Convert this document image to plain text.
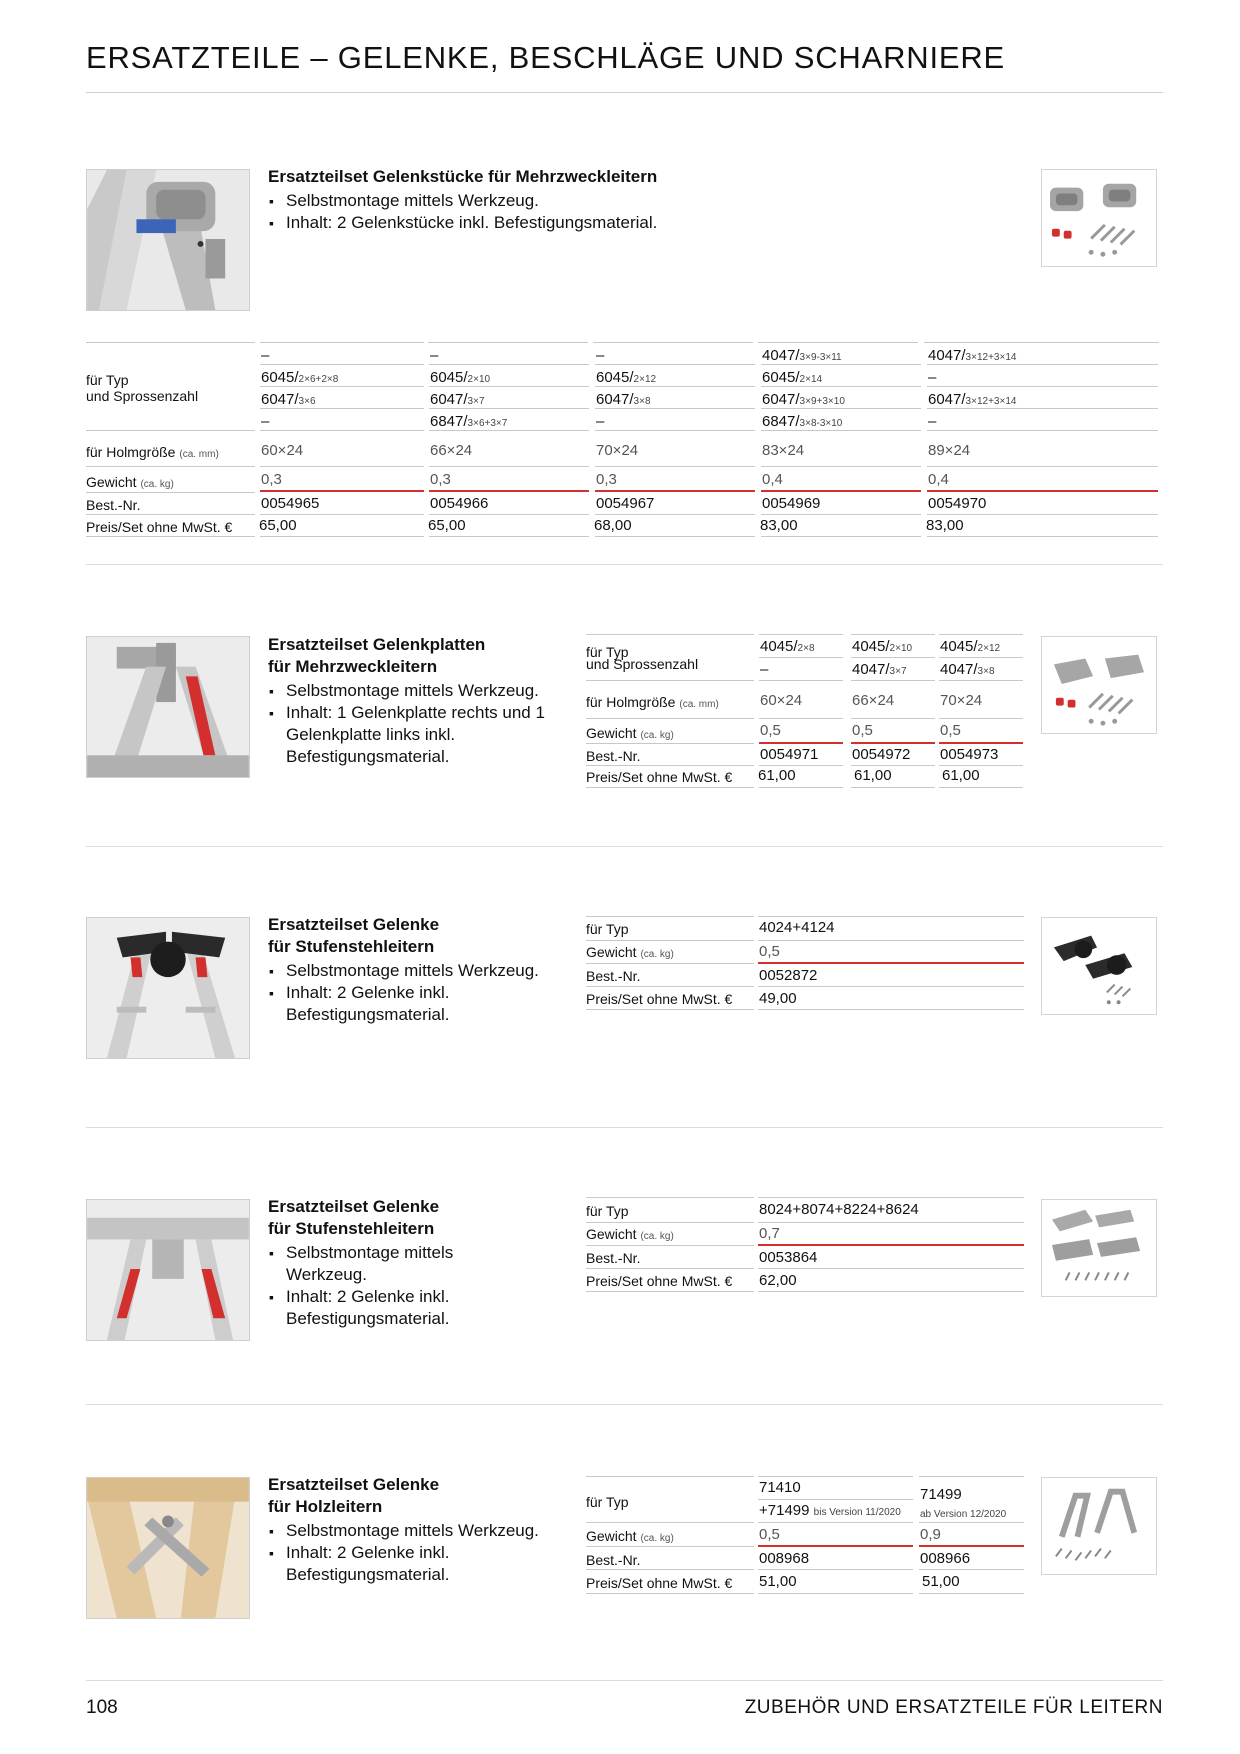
ERSATZTEILE – GELENKE, BESCHLÄGE UND SCHARNIERE
Ersatzteilset Gelenkstücke für Mehrzweckleitern
▪ Selbstmontage mittels Werkzeug.
▪ Inhalt: 2 Gelenkstücke inkl. Befestigungsmaterial.
für Typ
und Sprossenzahl
–
6045/2×6+2×8
6047/3×6
–
60×24
0,3
0054965
65,00
–
6045/2×10
6047/3×7
6847/3×6+3×7
66×24
0,3
0054966
65,00
–
6045/2×12
6047/3×8
–
70×24
0,3
0054967
68,00
4047/3×9-3×11
6045/2×14
6047/3×9+3×10
6847/3×8-3×10
83×24
0,4
0054969
83,00
4047/3×12+3×14
–
6047/3×12+3×14
–
89×24
0,4
0054970
83,00
für Holmgröße (ca. mm)
Gewicht (ca. kg)
Best.-Nr.
Preis/Set ohne MwSt. €
Ersatzteilset Gelenkplatten
für Mehrzweckleitern
▪ Selbstmontage mittels Werkzeug.
▪ Inhalt: 1 Gelenkplatte rechts und 1 Gelenkplatte links inkl. Befestigungsmaterial.
für Typ
und Sprossenzahl
für Holmgröße (ca. mm)
Gewicht (ca. kg)
Best.-Nr.
Preis/Set ohne MwSt. €
4045/2×8
–
60×24
0,5
0054971
61,00
4045/2×10
4047/3×7
66×24
0,5
0054972
61,00
4045/2×12
4047/3×8
70×24
0,5
0054973
61,00
Ersatzteilset Gelenke
für Stufenstehleitern
▪ Selbstmontage mittels Werkzeug.
▪ Inhalt: 2 Gelenke inkl. Befestigungsmaterial.
für Typ
Gewicht (ca. kg)
Best.-Nr.
Preis/Set ohne MwSt. €
4024+4124
0,5
0052872
49,00
Ersatzteilset Gelenke
für Stufenstehleitern
▪ Selbstmontage mittels Werkzeug.
▪ Inhalt: 2 Gelenke inkl. Befestigungsmaterial.
für Typ
Gewicht (ca. kg)
Best.-Nr.
Preis/Set ohne MwSt. €
8024+8074+8224+8624
0,7
0053864
62,00
Ersatzteilset Gelenke
für Holzleitern
▪ Selbstmontage mittels Werkzeug.
▪ Inhalt: 2 Gelenke inkl. Befestigungsmaterial.
für Typ
Gewicht (ca. kg)
Best.-Nr.
Preis/Set ohne MwSt. €
71410
+71499 bis Version 11/2020
0,5
008968
51,00
71499
ab Version 12/2020
0,9
008966
51,00
108	ZUBEHÖR UND ERSATZTEILE FÜR LEITERN
